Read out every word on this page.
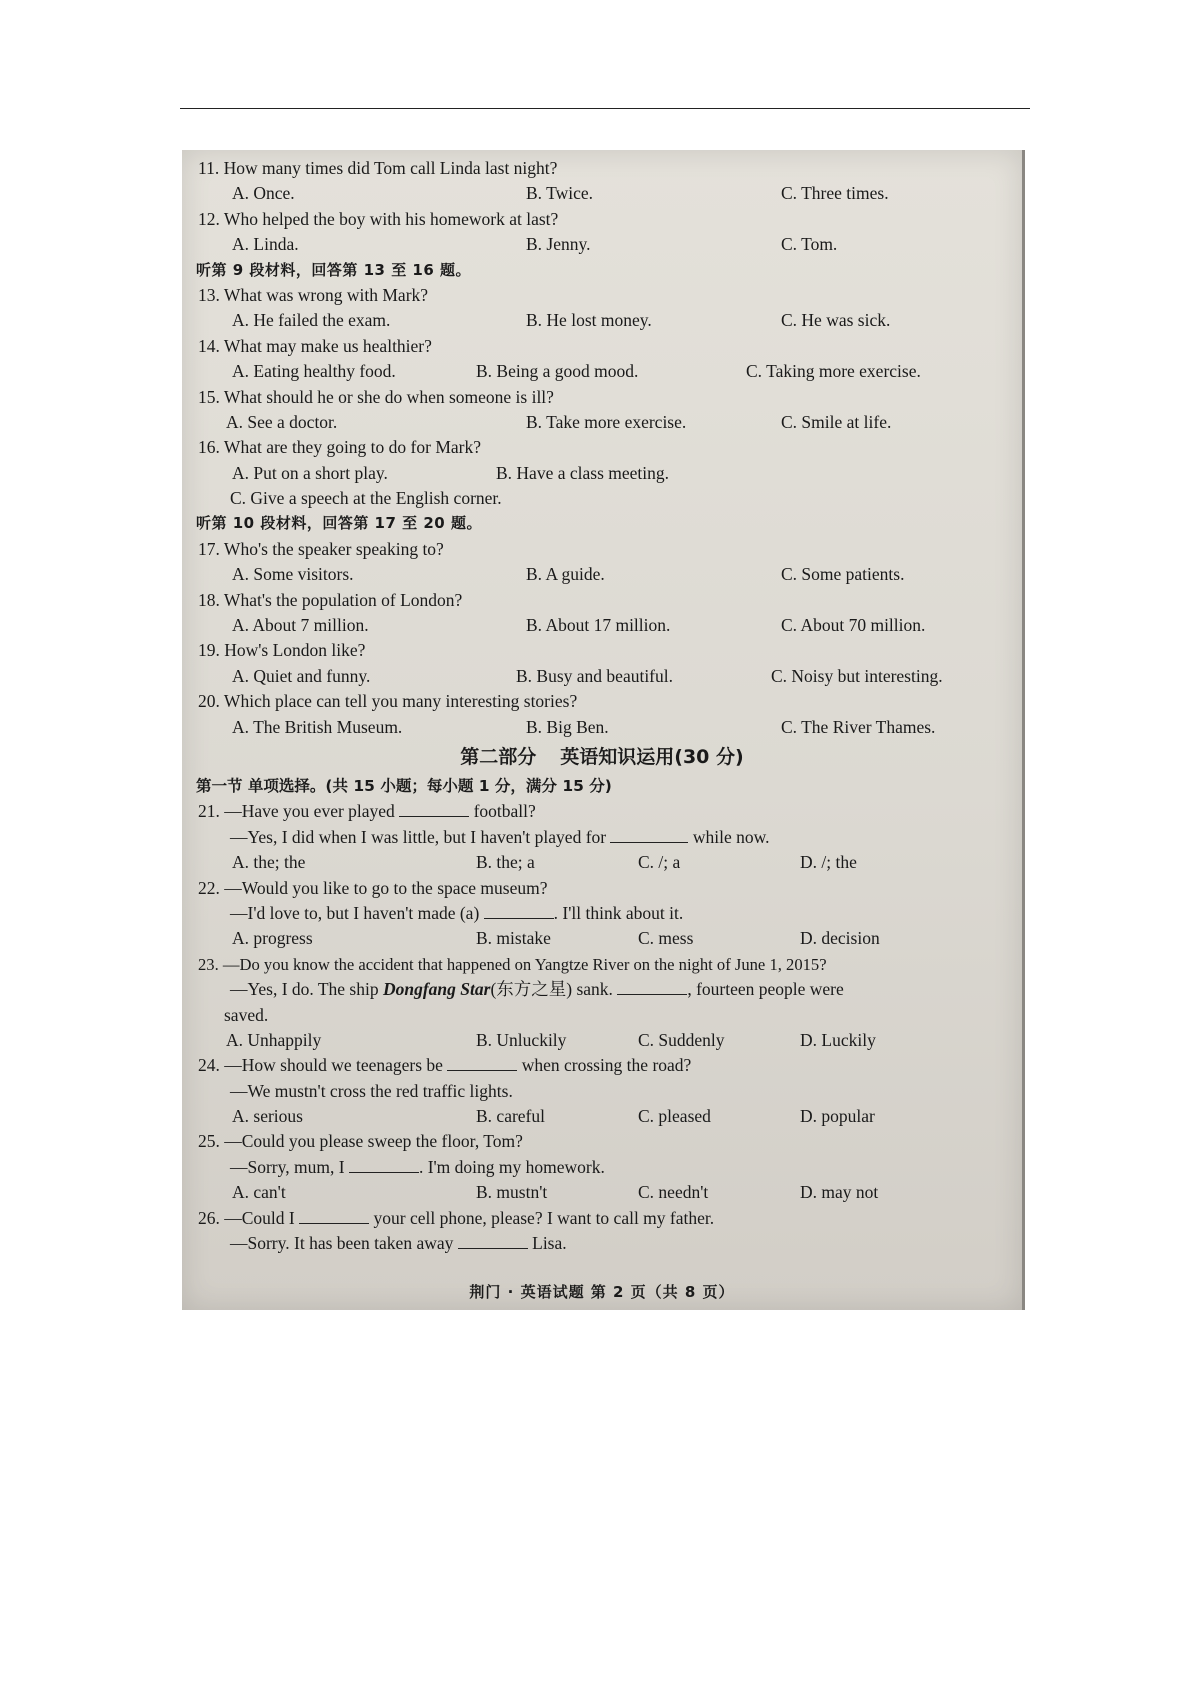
11. How many times did Tom call Linda last night?
A. Once.	B. Twice.	C. Three times.
12. Who helped the boy with his homework at last?
A. Linda.	B. Jenny.	C. Tom.
听第 9 段材料，回答第 13 至 16 题。
13. What was wrong with Mark?
A. He failed the exam.	B. He lost money.	C. He was sick.
14. What may make us healthier?
A. Eating healthy food.	B. Being a good mood.	C. Taking more exercise.
15. What should he or she do when someone is ill?
A. See a doctor.	B. Take more exercise.	C. Smile at life.
16. What are they going to do for Mark?
A. Put on a short play.	B. Have a class meeting.
C. Give a speech at the English corner.
听第 10 段材料，回答第 17 至 20 题。
17. Who's the speaker speaking to?
A. Some visitors.	B. A guide.	C. Some patients.
18. What's the population of London?
A. About 7 million.	B. About 17 million.	C. About 70 million.
19. How's London like?
A. Quiet and funny.	B. Busy and beautiful.	C. Noisy but interesting.
20. Which place can tell you many interesting stories?
A. The British Museum.	B. Big Ben.	C. The River Thames.
第二部分 英语知识运用(30 分)
第一节 单项选择。(共 15 小题；每小题 1 分，满分 15 分)
21. —Have you ever played	football?
—Yes, I did when I was little, but I haven't played for	while now.
A. the; the	B. the; a	C. /; a	D. /; the
22. —Would you like to go to the space museum?
—I'd love to, but I haven't made (a)	. I'll think about it.
A. progress	B. mistake	C. mess	D. decision
23. —Do you know the accident that happened on Yangtze River on the night of June 1, 2015?
—Yes, I do. The ship Dongfang Star(东方之星) sank.	, fourteen people were
saved.
A. Unhappily	B. Unluckily	C. Suddenly	D. Luckily
24. —How should we teenagers be	when crossing the road?
—We mustn't cross the red traffic lights.
A. serious	B. careful	C. pleased	D. popular
25. —Could you please sweep the floor, Tom?
—Sorry, mum, I	. I'm doing my homework.
A. can't	B. mustn't	C. needn't	D. may not
26. —Could I	your cell phone, please? I want to call my father.
—Sorry. It has been taken away	Lisa.
荆门 · 英语试题 第 2 页（共 8 页）
